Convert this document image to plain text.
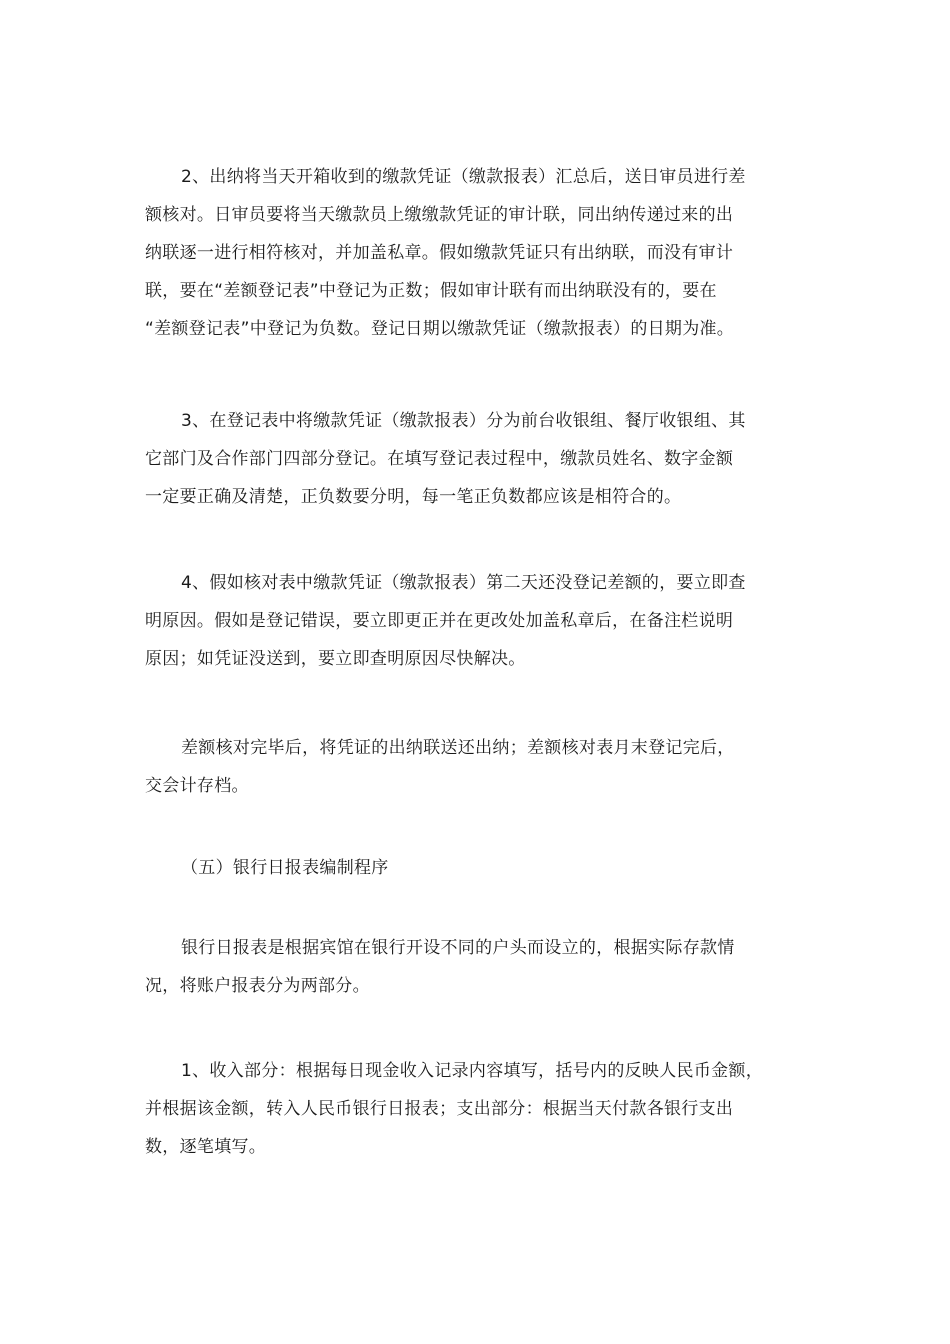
2、出纳将当天开箱收到的缴款凭证（缴款报表）汇总后，送日审员进行差
额核对。日审员要将当天缴款员上缴缴款凭证的审计联，同出纳传递过来的出
纳联逐一进行相符核对，并加盖私章。假如缴款凭证只有出纳联，而没有审计
联，要在“差额登记表”中登记为正数；假如审计联有而出纳联没有的，要在
“差额登记表”中登记为负数。登记日期以缴款凭证（缴款报表）的日期为准。
3、在登记表中将缴款凭证（缴款报表）分为前台收银组、餐厅收银组、其
它部门及合作部门四部分登记。在填写登记表过程中，缴款员姓名、数字金额
一定要正确及清楚，正负数要分明，每一笔正负数都应该是相符合的。
4、假如核对表中缴款凭证（缴款报表）第二天还没登记差额的，要立即查
明原因。假如是登记错误，要立即更正并在更改处加盖私章后，在备注栏说明
原因；如凭证没送到，要立即查明原因尽快解决。
差额核对完毕后，将凭证的出纳联送还出纳；差额核对表月末登记完后，
交会计存档。
（五）银行日报表编制程序
银行日报表是根据宾馆在银行开设不同的户头而设立的，根据实际存款情
况，将账户报表分为两部分。
1、收入部分：根据每日现金收入记录内容填写，括号内的反映人民币金额，
并根据该金额，转入人民币银行日报表；支出部分：根据当天付款各银行支出
数，逐笔填写。
